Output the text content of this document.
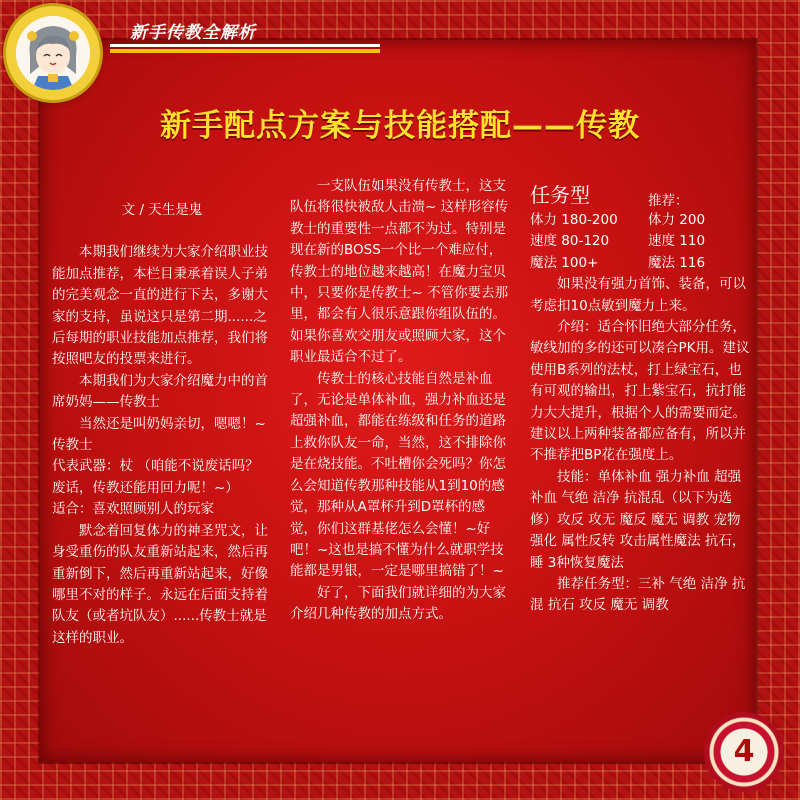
新手传教全解析
新手配点方案与技能搭配——传教

文 / 天生是鬼

本期我们继续为大家介绍职业技能加点推荐，本栏目秉承着误人子弟的完美观念一直的进行下去，多谢大家的支持，虽说这只是第二期......之后每期的职业技能加点推荐，我们将按照吧友的投票来进行。

本期我们为大家介绍魔力中的首席奶妈——传教士

当然还是叫奶妈亲切，嗯嗯！~

传教士

代表武器：杖 （咱能不说废话吗？废话，传教还能用回力呢！~）

适合：喜欢照顾别人的玩家

默念着回复体力的神圣咒文，让身受重伤的队友重新站起来，然后再重新倒下，然后再重新站起来，好像哪里不对的样子。永远在后面支持着队友（或者坑队友）......传教士就是这样的职业。

一支队伍如果没有传教士，这支队伍将很快被敌人击溃~ 这样形容传教士的重要性一点都不为过。特别是现在新的BOSS一个比一个难应付，传教士的地位越来越高！在魔力宝贝中，只要你是传教士~ 不管你要去那里，都会有人很乐意跟你组队伍的。如果你喜欢交朋友或照顾大家，这个职业最适合不过了。

传教士的核心技能自然是补血了，无论是单体补血，强力补血还是超强补血，都能在练级和任务的道路上救你队友一命，当然，这不排除你是在烧技能。不吐槽你会死吗？你怎么会知道传教那种技能从1到10的感觉，那种从A罩杯升到D罩杯的感觉，你们这群基佬怎么会懂！~好吧！~这也是搞不懂为什么就职学技能都是男银，一定是哪里搞错了！~

好了，下面我们就详细的为大家介绍几种传教的加点方式。

任务型	推荐：

体力 180-200	体力 200
速度 80-120	速度 110
魔法 100+	魔法 116

如果没有强力首饰、装备，可以考虑扣10点敏到魔力上来。

介绍：适合怀旧绝大部分任务，敏线加的多的还可以凑合PK用。建议使用B系列的法杖，打上绿宝石，也有可观的输出，打上紫宝石，抗打能力大大提升，根据个人的需要而定。建议以上两种装备都应备有，所以并不推荐把BP花在强度上。

技能：单体补血 强力补血 超强补血 气绝 洁净 抗混乱（以下为选修）攻反 攻无 魔反 魔无 调教 宠物强化 属性反转 攻击属性魔法 抗石，睡 3种恢复魔法

推荐任务型：三补 气绝 洁净 抗混 抗石 攻反 魔无 调教

4
